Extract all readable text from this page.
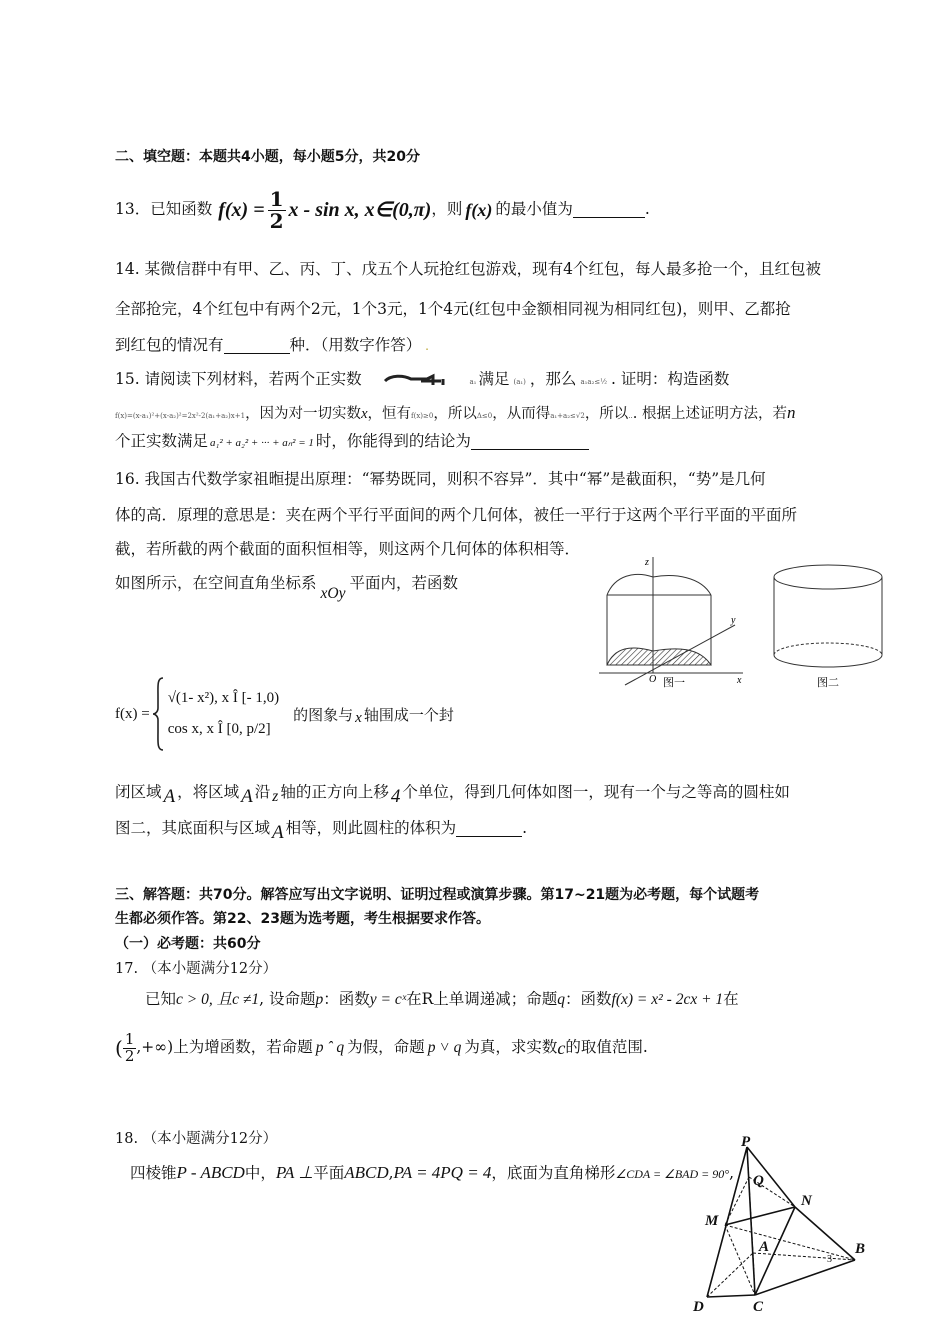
二、填空题：本题共4小题，每小题5分，共20分
13．已知函数 $f(x) = \frac{1}{2}$ x - sin x, x∈(0,π) ，则 f(x) 的最小值为	.
14. 某微信群中有甲、乙、丙、丁、戊五个人玩抢红包游戏，现有4个红包，每人最多抢一个，且红包被
全部抢完，4个红包中有两个2元，1个3元，1个4元(红包中金额相同视为相同红包)，则甲、乙都抢
到红包的情况有	种．（用数字作答） .
15. 请阅读下列材料，若两个正实数	a₁ 满足 (a₁) ，那么 a₁a₂≤½ . 证明：构造函数
f(x)=(x-a₁)²+(x-a₂)²=2x²-2(a₁+a₂)x+1，因为对一切实数x，恒有f(x)≥0，所以Δ≤0，从而得a₁+a₂≤√2，所以... 根据上述证明方法，若n
个正实数满足 a₁² + a₂² + ··· + aₙ² = 1 时，你能得到的结论为
16. 我国古代数学家祖暅提出原理：“幂势既同，则积不容异”．其中“幂”是截面积，“势”是几何
体的高．原理的意思是：夹在两个平行平面间的两个几何体，被任一平行于这两个平行平面的平面所
截，若所截的两个截面的面积恒相等，则这两个几何体的体积相等．
如图所示，在空间直角坐标系xOy平面内，若函数
f(x) =
√(1- x²), x Î [- 1,0)
cos x, x Î [0, p/2]
的图象与 x 轴围成一个封
闭区域 A ，将区域 A 沿 z 轴的正方向上移 4 个单位，得到几何体如图一，现有一个与之等高的圆柱如
图二，其底面积与区域 A 相等，则此圆柱的体积为	.
z
y
x
O 图一	图二
三、解答题：共70分。解答应写出文字说明、证明过程或演算步骤。第17~21题为必考题，每个试题考
生都必须作答。第22、23题为选考题，考生根据要求作答。
（一）必考题：共60分
17. （本小题满分12分）
已知c > 0, 且c ≠1, 设命题p：函数y = cˣ在R上单调递减；命题q：函数f(x) = x² - 2cx + 1在
( $\frac{1}{2}$ ,+∞) 上为增函数，若命题 p ˆ q 为假，命题 p ˅ q 为真，求实数 c 的取值范围.
18. （本小题满分12分）
四棱锥P - ABCD中，PA ⊥平面ABCD,PA = 4PQ = 4，底面为直角梯形∠CDA = ∠BAD = 90°,
P
Q
M
N
A	B
C
D
3
